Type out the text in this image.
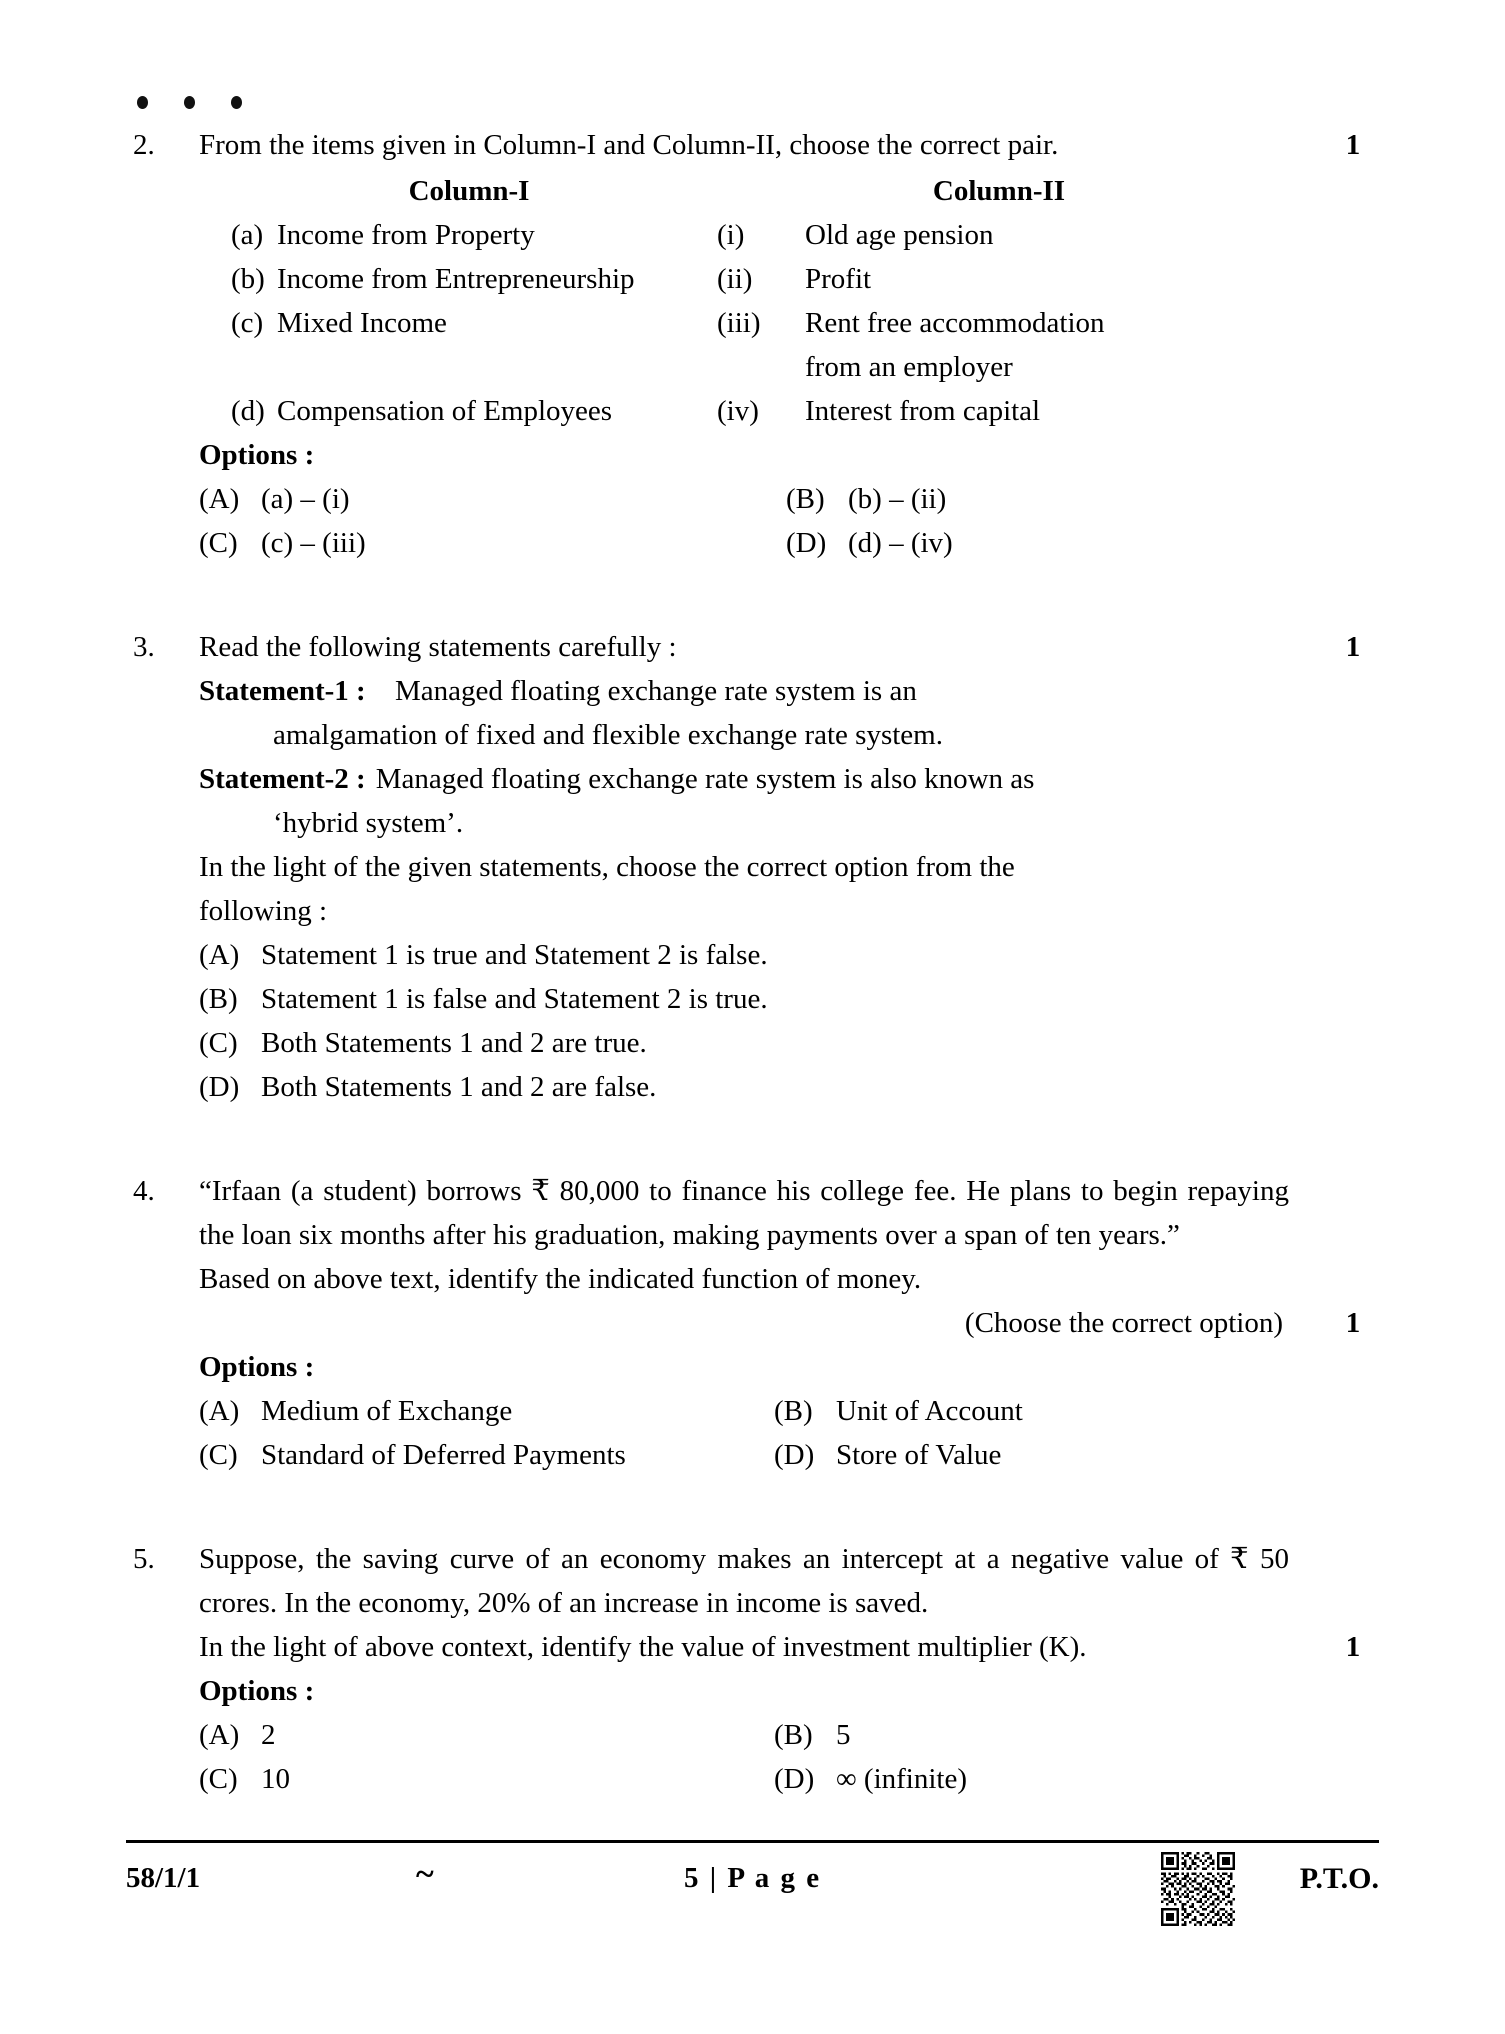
1
2.	From the items given in Column-I and Column-II, choose the correct pair.
Column-I	Column-II
(a) Income from Property	(i)	Old age pension
(b) Income from Entrepreneurship	(ii)	Profit
(c) Mixed Income	(iii)	Rent free accommodation
from an employer
(d) Compensation of Employees	(iv)	Interest from capital
Options :
(A) (a) – (i)	(B) (b) – (ii)
(C) (c) – (iii)	(D) (d) – (iv)
1
3.	Read the following statements carefully :
Statement-1 :	Managed floating exchange rate system is an
amalgamation of fixed and flexible exchange rate system.
Statement-2 : Managed floating exchange rate system is also known as
‘hybrid system’.
In the light of the given statements, choose the correct option from the
following :
(A) Statement 1 is true and Statement 2 is false.
(B) Statement 1 is false and Statement 2 is true.
(C) Both Statements 1 and 2 are true.
(D) Both Statements 1 and 2 are false.
4.	“Irfaan (a student) borrows ₹ 80,000 to finance his college fee. He plans to begin repaying the loan six months after his graduation, making payments over a span of ten years.”
Based on above text, identify the indicated function of money.
1
(Choose the correct option)
Options :
(A) Medium of Exchange	(B) Unit of Account
(C) Standard of Deferred Payments	(D) Store of Value
5.	Suppose, the saving curve of an economy makes an intercept at a negative value of ₹ 50 crores. In the economy, 20% of an increase in income is saved.
1
In the light of above context, identify the value of investment multiplier (K).
Options :
(A) 2	(B) 5
(C) 10	(D) ∞ (infinite)
58/1/1	~	5 | P a g e	P.T.O.
